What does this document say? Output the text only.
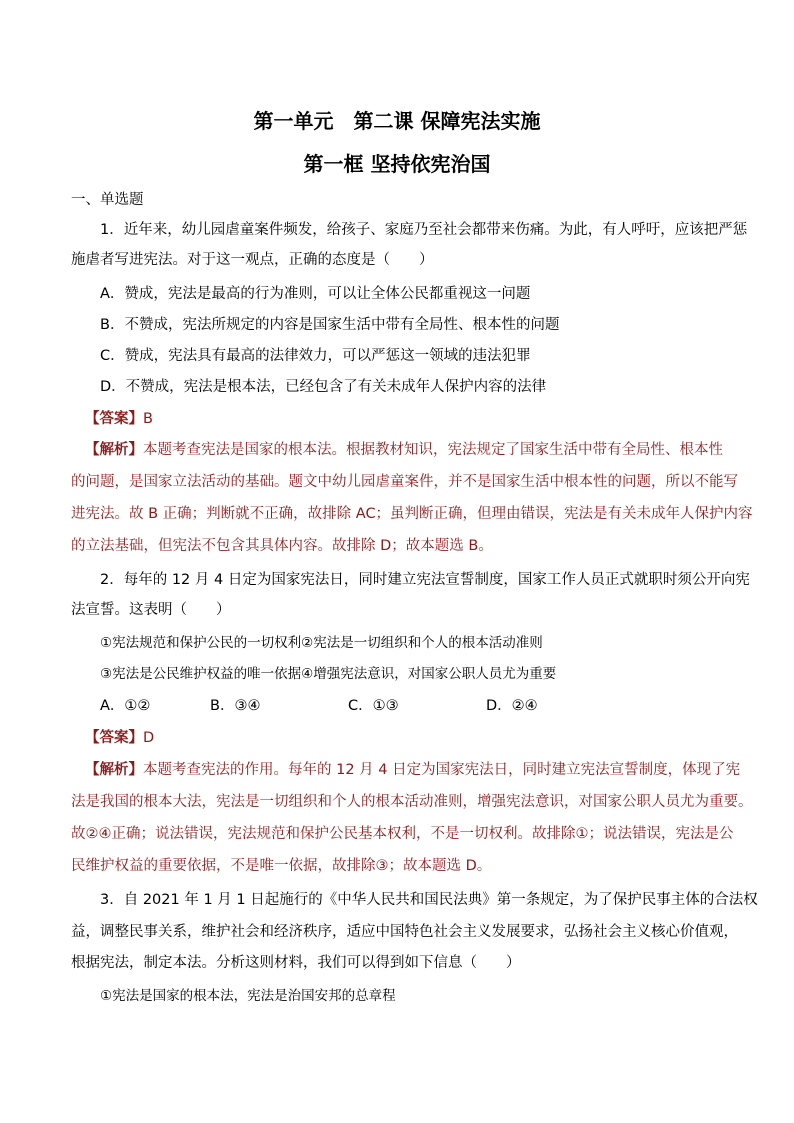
第一单元　第二课 保障宪法实施
第一框 坚持依宪治国
一、单选题
1．近年来，幼儿园虐童案件频发，给孩子、家庭乃至社会都带来伤痛。为此，有人呼吁，应该把严惩
施虐者写进宪法。对于这一观点，正确的态度是（　　）
A．赞成，宪法是最高的行为准则，可以让全体公民都重视这一问题
B．不赞成，宪法所规定的内容是国家生活中带有全局性、根本性的问题
C．赞成，宪法具有最高的法律效力，可以严惩这一领域的违法犯罪
D．不赞成，宪法是根本法，已经包含了有关未成年人保护内容的法律
【答案】B
【解析】本题考查宪法是国家的根本法。根据教材知识，宪法规定了国家生活中带有全局性、根本性
的问题，是国家立法活动的基础。题文中幼儿园虐童案件，并不是国家生活中根本性的问题，所以不能写
进宪法。故 B 正确；判断就不正确，故排除 AC；虽判断正确，但理由错误，宪法是有关未成年人保护内容
的立法基础，但宪法不包含其具体内容。故排除 D；故本题选 B。
2．每年的 12 月 4 日定为国家宪法日，同时建立宪法宣誓制度，国家工作人员正式就职时须公开向宪
法宣誓。这表明（　　）
①宪法规范和保护公民的一切权利②宪法是一切组织和个人的根本活动准则
③宪法是公民维护权益的唯一依据④增强宪法意识，对国家公职人员尤为重要
A．①②	B．③④	C．①③	D．②④
【答案】D
【解析】本题考查宪法的作用。每年的 12 月 4 日定为国家宪法日，同时建立宪法宣誓制度，体现了宪
法是我国的根本大法，宪法是一切组织和个人的根本活动准则，增强宪法意识，对国家公职人员尤为重要。
故②④正确；说法错误，宪法规范和保护公民基本权利，不是一切权利。故排除①；说法错误，宪法是公
民维护权益的重要依据，不是唯一依据，故排除③；故本题选 D。
3．自 2021 年 1 月 1 日起施行的《中华人民共和国民法典》第一条规定，为了保护民事主体的合法权
益，调整民事关系，维护社会和经济秩序，适应中国特色社会主义发展要求，弘扬社会主义核心价值观，
根据宪法，制定本法。分析这则材料，我们可以得到如下信息（　　）
①宪法是国家的根本法，宪法是治国安邦的总章程
